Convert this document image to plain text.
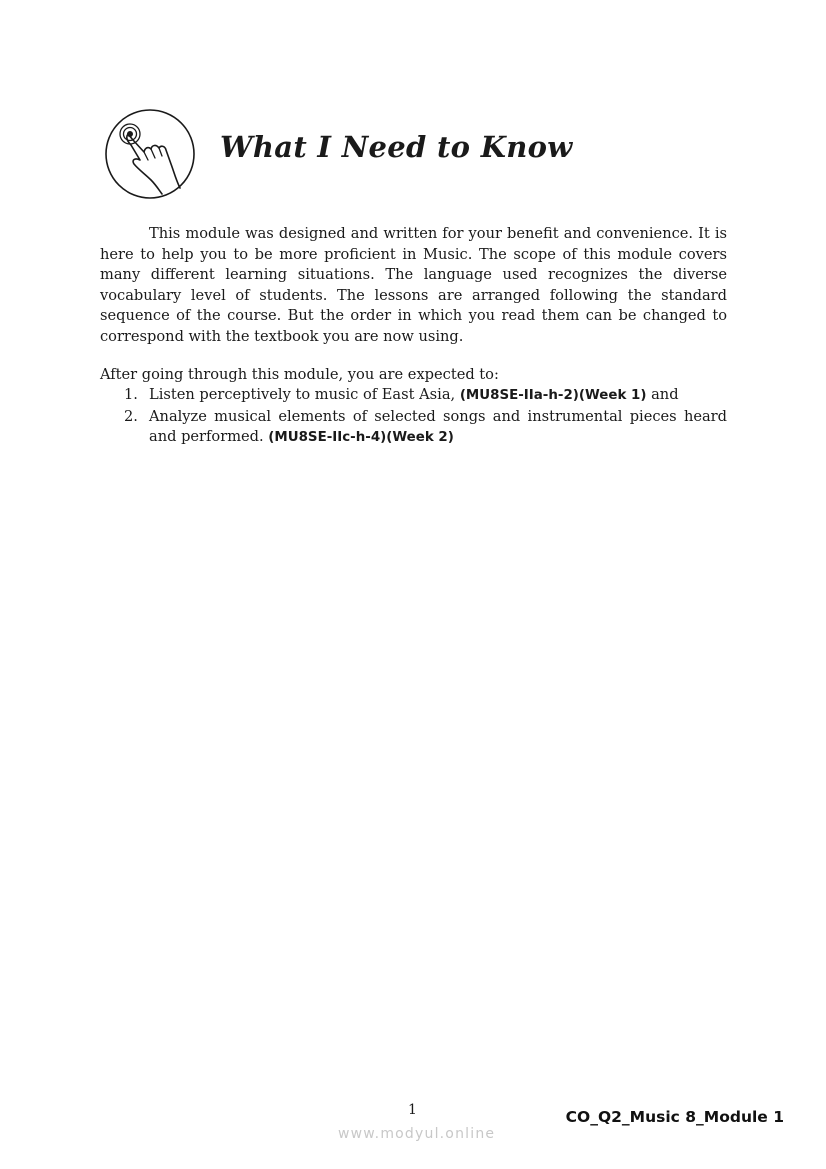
What I Need to Know

This module was designed and written for your benefit and convenience. It is here to help you to be more proficient in Music. The scope of this module covers many different learning situations. The language used recognizes the diverse vocabulary level of students. The lessons are arranged following the standard sequence of the course. But the order in which you read them can be changed to correspond with the textbook you are now using.

After going through this module, you are expected to:

1. Listen perceptively to music of East Asia, (MU8SE-IIa-h-2)(Week 1) and
2. Analyze musical elements of selected songs and instrumental pieces heard and performed. (MU8SE-IIc-h-4)(Week 2)
1	CO_Q2_Music 8_Module 1
www.modyul.online
